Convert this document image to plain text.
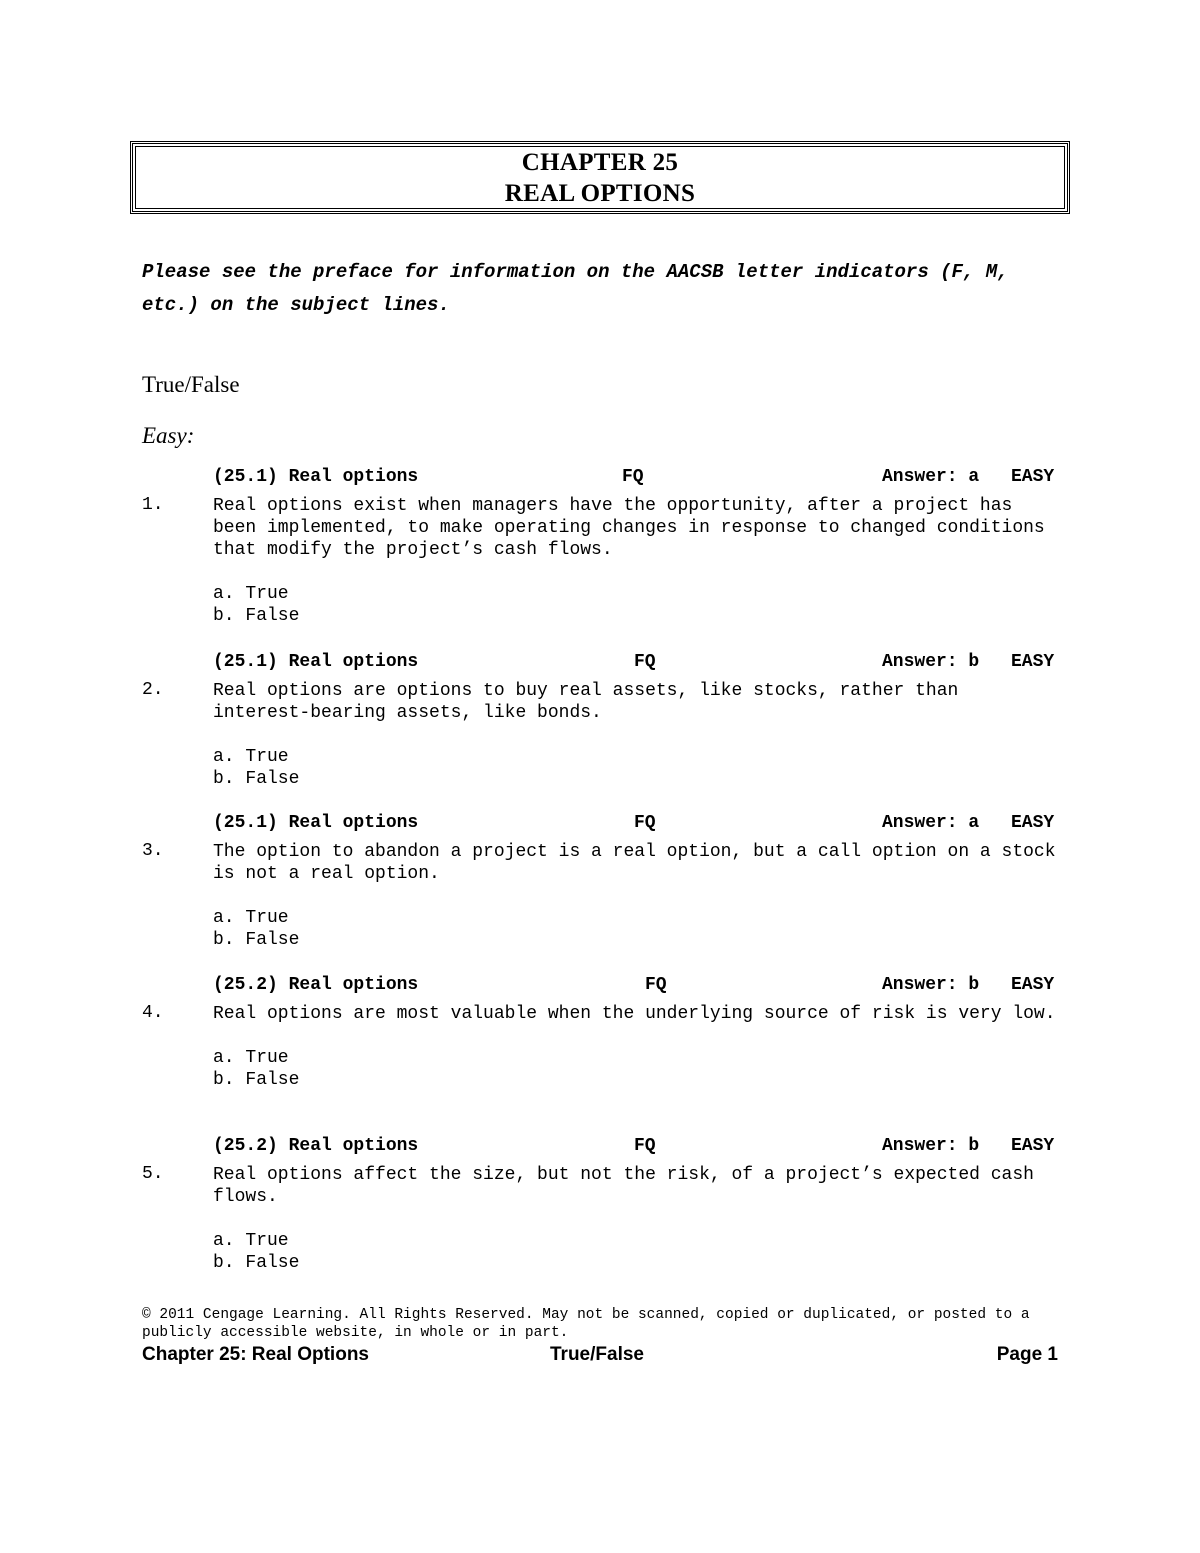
CHAPTER 25
REAL OPTIONS
Please see the preface for information on the AACSB letter indicators (F, M, etc.) on the subject lines.
True/False
Easy:
(25.1) Real options	FQ	Answer: a EASY
1.	Real options exist when managers have the opportunity, after a project has been implemented, to make operating changes in response to changed conditions that modify the project’s cash flows.
a. True
b. False
(25.1) Real options	FQ	Answer: b EASY
2.	Real options are options to buy real assets, like stocks, rather than interest-bearing assets, like bonds.
a. True
b. False
(25.1) Real options	FQ	Answer: a EASY
3.	The option to abandon a project is a real option, but a call option on a stock is not a real option.
a. True
b. False
(25.2) Real options	FQ	Answer: b EASY
4.	Real options are most valuable when the underlying source of risk is very low.
a. True
b. False
(25.2) Real options	FQ	Answer: b EASY
5.	Real options affect the size, but not the risk, of a project’s expected cash flows.
a. True
b. False
© 2011 Cengage Learning. All Rights Reserved. May not be scanned, copied or duplicated, or posted to a publicly accessible website, in whole or in part.
Chapter 25: Real Options	True/False	Page 1
